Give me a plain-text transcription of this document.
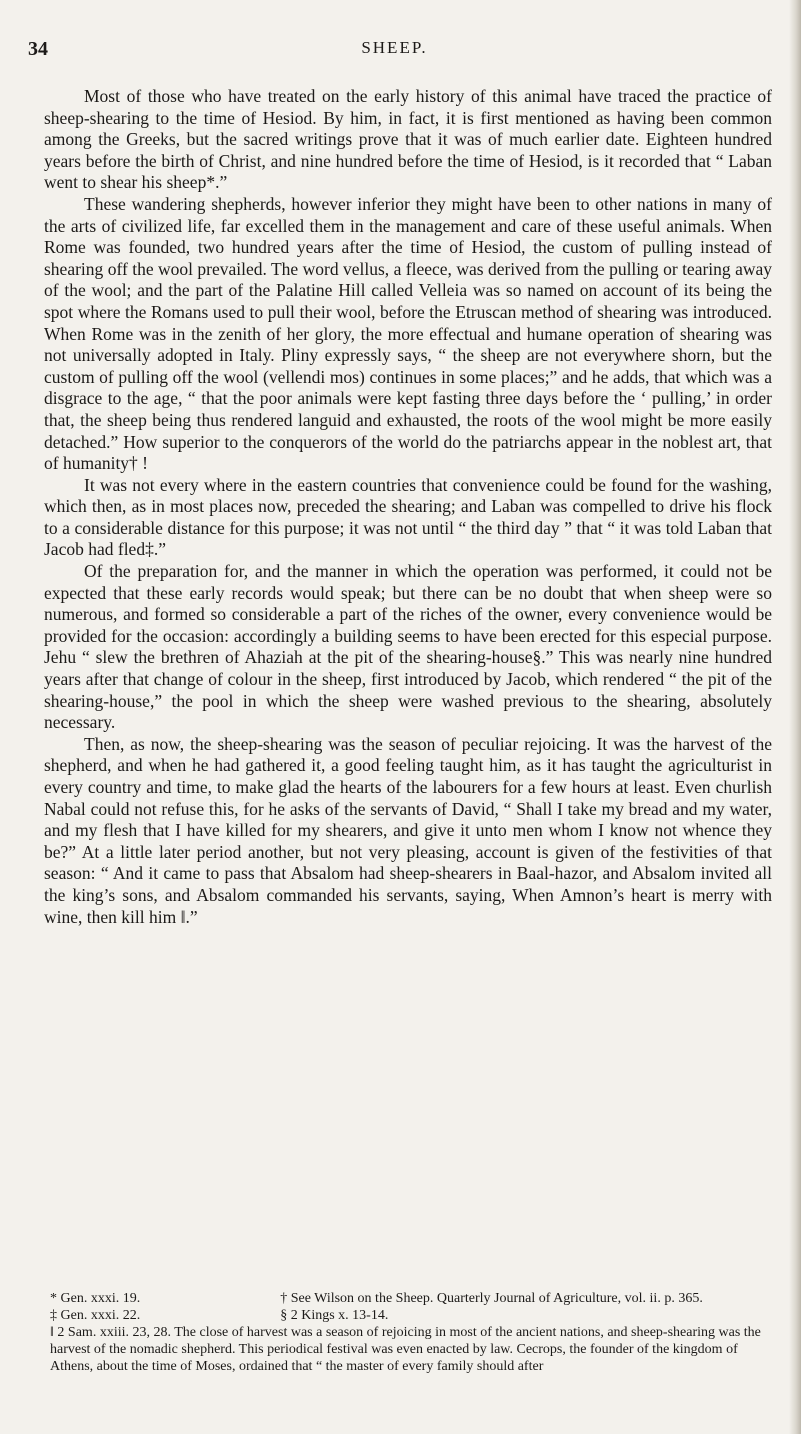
34	SHEEP.

Most of those who have treated on the early history of this animal have traced the practice of sheep-shearing to the time of Hesiod. By him, in fact, it is first mentioned as having been common among the Greeks, but the sacred writings prove that it was of much earlier date. Eighteen hundred years before the birth of Christ, and nine hundred before the time of Hesiod, is it recorded that “ Laban went to shear his sheep*.”

These wandering shepherds, however inferior they might have been to other nations in many of the arts of civilized life, far excelled them in the management and care of these useful animals. When Rome was founded, two hundred years after the time of Hesiod, the custom of pulling instead of shearing off the wool prevailed. The word vellus, a fleece, was derived from the pulling or tearing away of the wool; and the part of the Palatine Hill called Velleia was so named on account of its being the spot where the Romans used to pull their wool, before the Etruscan method of shearing was introduced. When Rome was in the zenith of her glory, the more effectual and humane operation of shearing was not universally adopted in Italy. Pliny expressly says, “ the sheep are not everywhere shorn, but the custom of pulling off the wool (vellendi mos) continues in some places;” and he adds, that which was a disgrace to the age, “ that the poor animals were kept fasting three days before the ‘ pulling,’ in order that, the sheep being thus rendered languid and exhausted, the roots of the wool might be more easily detached.” How superior to the conquerors of the world do the patriarchs appear in the noblest art, that of humanity† !

It was not every where in the eastern countries that convenience could be found for the washing, which then, as in most places now, preceded the shearing; and Laban was compelled to drive his flock to a considerable distance for this purpose; it was not until “ the third day ” that “ it was told Laban that Jacob had fled‡.”

Of the preparation for, and the manner in which the operation was performed, it could not be expected that these early records would speak; but there can be no doubt that when sheep were so numerous, and formed so considerable a part of the riches of the owner, every convenience would be provided for the occasion: accordingly a building seems to have been erected for this especial purpose. Jehu “ slew the brethren of Ahaziah at the pit of the shearing-house§.” This was nearly nine hundred years after that change of colour in the sheep, first introduced by Jacob, which rendered “ the pit of the shearing-house,” the pool in which the sheep were washed previous to the shearing, absolutely necessary.

Then, as now, the sheep-shearing was the season of peculiar rejoicing. It was the harvest of the shepherd, and when he had gathered it, a good feeling taught him, as it has taught the agriculturist in every country and time, to make glad the hearts of the labourers for a few hours at least. Even churlish Nabal could not refuse this, for he asks of the servants of David, “ Shall I take my bread and my water, and my flesh that I have killed for my shearers, and give it unto men whom I know not whence they be?” At a little later period another, but not very pleasing, account is given of the festivities of that season: “ And it came to pass that Absalom had sheep-shearers in Baal-hazor, and Absalom invited all the king’s sons, and Absalom commanded his servants, saying, When Amnon’s heart is merry with wine, then kill him ‖.”

* Gen. xxxi. 19.          † See Wilson on the Sheep. Quarterly Journal of Agriculture, vol. ii. p. 365.
‡ Gen. xxxi. 22.          § 2 Kings x. 13-14.
‖ 2 Sam. xxiii. 23, 28. The close of harvest was a season of rejoicing in most of the ancient nations, and sheep-shearing was the harvest of the nomadic shepherd. This periodical festival was even enacted by law. Cecrops, the founder of the kingdom of Athens, about the time of Moses, ordained that “ the master of every family should after
